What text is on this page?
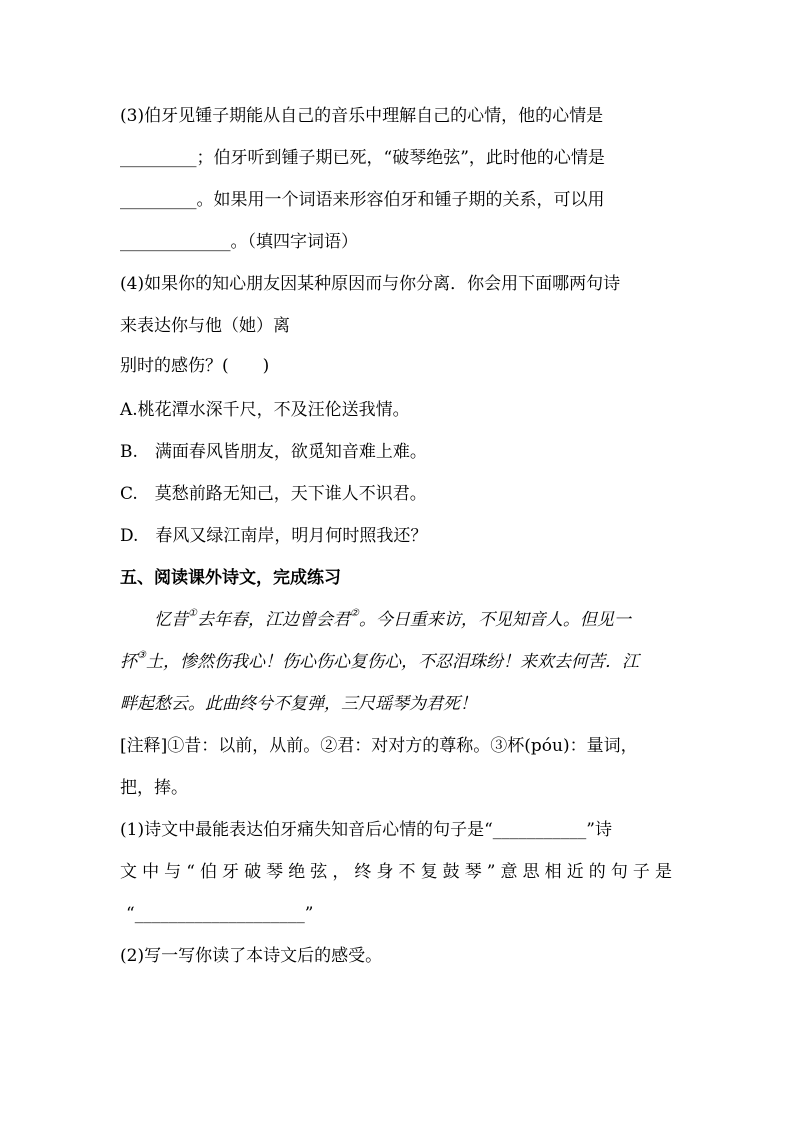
(3)伯牙见锺子期能从自己的音乐中理解自己的心情，他的心情是
_________；伯牙听到锺子期已死，“破琴绝弦”，此时他的心情是
_________。如果用一个词语来形容伯牙和锺子期的关系，可以用
_____________。（填四字词语）
(4)如果你的知心朋友因某种原因而与你分离．你会用下面哪两句诗
来表达你与他（她）离
别时的感伤？(　　)
A.桃花潭水深千尺，不及汪伦送我情。
B.　满面春风皆朋友，欲觅知音难上难。
C.　莫愁前路无知己，天下谁人不识君。
D.　春风又绿江南岸，明月何时照我还？
五、阅读课外诗文，完成练习
忆昔①去年春，江边曾会君②。今日重来访，不见知音人。但见一
抔③土，惨然伤我心！伤心伤心复伤心，不忍泪珠纷！来欢去何苦．江
畔起愁云。此曲终兮不复弹，三尺瑶琴为君死！
[注释]①昔：以前，从前。②君：对对方的尊称。③杯(póu)：量词，
把，捧。
(1)诗文中最能表达伯牙痛失知音后心情的句子是“___________”诗
文 中 与 “ 伯 牙 破 琴 绝 弦 ， 终 身 不 复 鼓 琴 ” 意 思 相 近 的 句 子 是
“____________________”
(2)写一写你读了本诗文后的感受。
